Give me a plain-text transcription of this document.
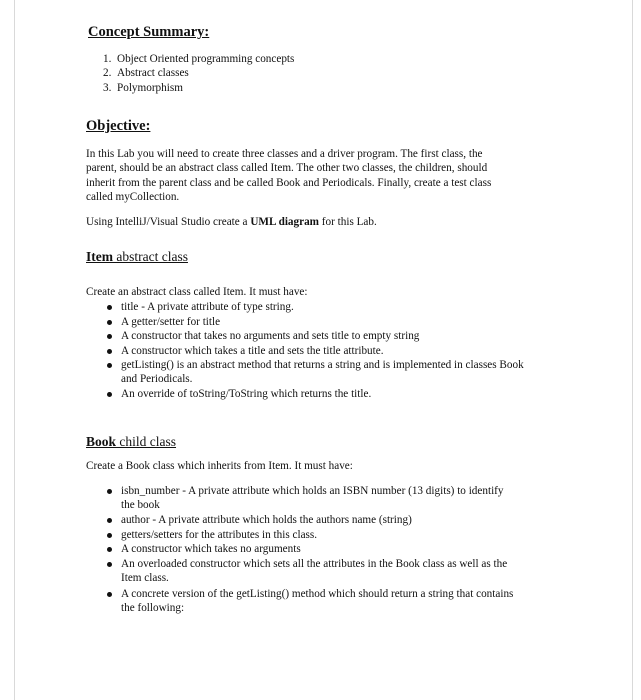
Concept Summary:
1. Object Oriented programming concepts
2. Abstract classes
3. Polymorphism
Objective:
In this Lab you will need to create three classes and a driver program. The first class, the
parent, should be an abstract class called Item. The other two classes, the children, should
inherit from the parent class and be called Book and Periodicals. Finally, create a test class
called myCollection.
Using IntelliJ/Visual Studio create a UML diagram for this Lab.
Item abstract class
Create an abstract class called Item. It must have:
title - A private attribute of type string.
A getter/setter for title
A constructor that takes no arguments and sets title to empty string
A constructor which takes a title and sets the title attribute.
getListing() is an abstract method that returns a string and is implemented in classes Book
and Periodicals.
An override of toString/ToString which returns the title.
Book child class
Create a Book class which inherits from Item. It must have:
isbn_number - A private attribute which holds an ISBN number (13 digits) to identify
the book
author - A private attribute which holds the authors name (string)
getters/setters for the attributes in this class.
A constructor which takes no arguments
An overloaded constructor which sets all the attributes in the Book class as well as the
Item class.
A concrete version of the getListing() method which should return a string that contains
the following:
